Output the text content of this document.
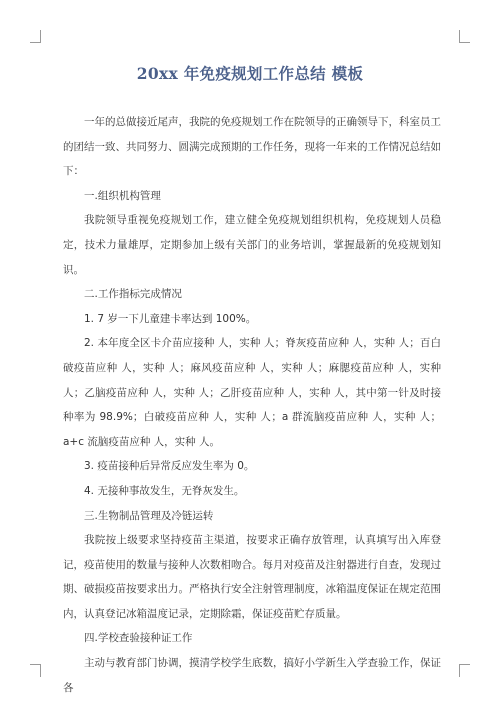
20xx 年免疫规划工作总结 模板

一年的总做接近尾声，我院的免疫规划工作在院领导的正确领导下，科室员工的团结一致、共同努力、圆满完成预期的工作任务，现将一年来的工作情况总结如下：

一.组织机构管理

我院领导重视免疫规划工作，建立健全免疫规划组织机构，免疫规划人员稳定，技术力量雄厚，定期参加上级有关部门的业务培训，掌握最新的免疫规划知识。

二.工作指标完成情况

1. 7 岁一下儿童建卡率达到 100%。

2. 本年度全区卡介苗应接种 人，实种 人；脊灰疫苗应种 人，实种 人；百白破疫苗应种 人，实种 人；麻风疫苗应种 人，实种 人；麻腮疫苗应种 人，实种 人；乙脑疫苗应种 人，实种 人；乙肝疫苗应种 人，实种 人，其中第一针及时接种率为 98.9%；白破疫苗应种 人，实种 人；a 群流脑疫苗应种 人，实种 人；a+c 流脑疫苗应种 人，实种 人。

3. 疫苗接种后异常反应发生率为 0。

4. 无接种事故发生，无脊灰发生。

三.生物制品管理及冷链运转

我院按上级要求坚持疫苗主渠道，按要求正确存放管理，认真填写出入库登记，疫苗使用的数量与接种人次数相吻合。每月对疫苗及注射器进行自查，发现过期、破损疫苗按要求出力。严格执行安全注射管理制度，冰箱温度保证在规定范围内，认真登记冰箱温度记录，定期除霜，保证疫苗贮存质量。

四.学校查验接种证工作

主动与教育部门协调，摸清学校学生底数，搞好小学新生入学查验工作，保证各
